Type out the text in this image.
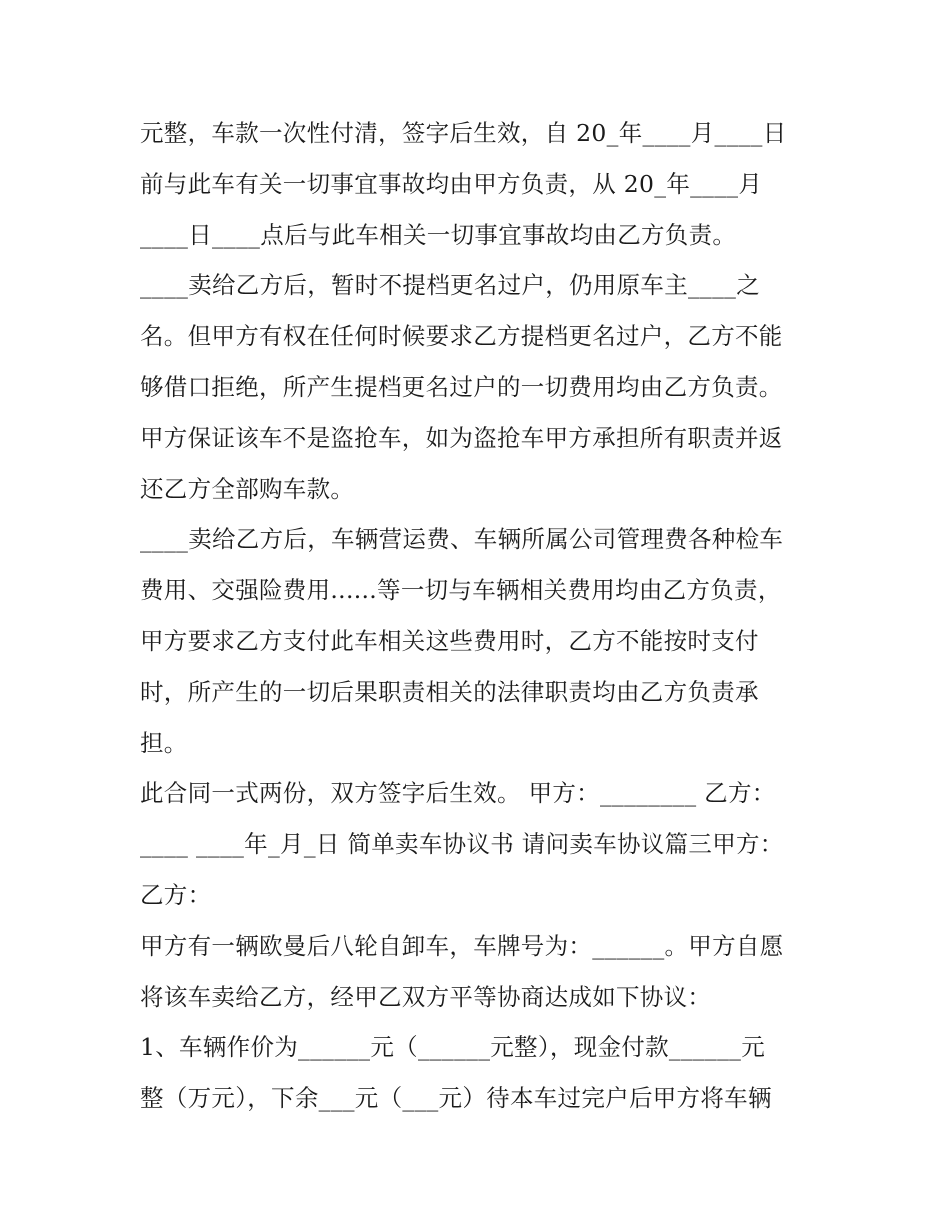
元整，车款一次性付清，签字后生效，自 20_年____月____日
前与此车有关一切事宜事故均由甲方负责，从 20_年____月
____日____点后与此车相关一切事宜事故均由乙方负责。
____卖给乙方后，暂时不提档更名过户，仍用原车主____之
名。但甲方有权在任何时候要求乙方提档更名过户，乙方不能
够借口拒绝，所产生提档更名过户的一切费用均由乙方负责。
甲方保证该车不是盗抢车，如为盗抢车甲方承担所有职责并返
还乙方全部购车款。
____卖给乙方后，车辆营运费、车辆所属公司管理费各种检车
费用、交强险费用......等一切与车辆相关费用均由乙方负责，
甲方要求乙方支付此车相关这些费用时，乙方不能按时支付
时，所产生的一切后果职责相关的法律职责均由乙方负责承
担。
此合同一式两份，双方签字后生效。 甲方：________ 乙方：
____ ____年_月_日 简单卖车协议书 请问卖车协议篇三甲方：
乙方：
甲方有一辆欧曼后八轮自卸车，车牌号为：______。甲方自愿
将该车卖给乙方，经甲乙双方平等协商达成如下协议：
1、车辆作价为______元（______元整），现金付款______元
整（万元），下余___元（___元）待本车过完户后甲方将车辆
